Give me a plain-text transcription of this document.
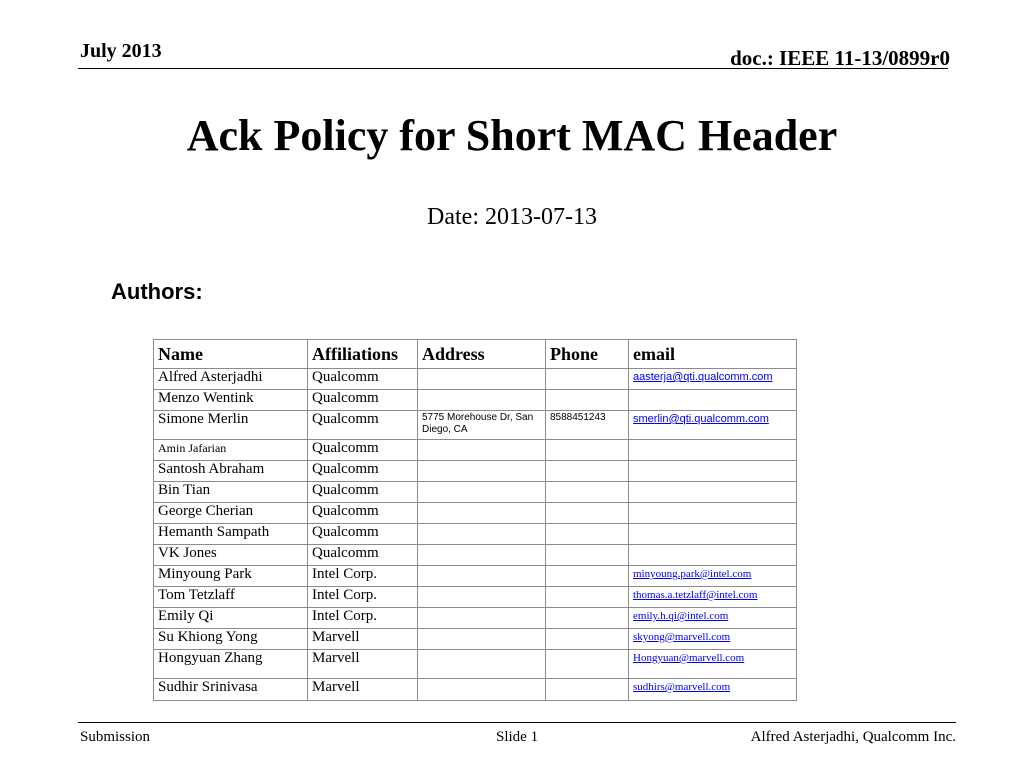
July 2013	doc.: IEEE 11-13/0899r0
Ack Policy for Short MAC Header
Date: 2013-07-13
Authors:
Name	Affiliations	Address	Phone	email
Alfred Asterjadhi	Qualcomm			aasterja@qti.qualcomm.com
Menzo Wentink	Qualcomm			
Simone Merlin	Qualcomm	5775 Morehouse Dr, San Diego, CA	8588451243	smerlin@qti.qualcomm.com
Amin Jafarian	Qualcomm			
Santosh Abraham	Qualcomm			
Bin Tian	Qualcomm			
George Cherian	Qualcomm			
Hemanth Sampath	Qualcomm			
VK Jones	Qualcomm			
Minyoung Park	Intel Corp.			minyoung.park@intel.com
Tom Tetzlaff	Intel Corp.			thomas.a.tetzlaff@intel.com
Emily Qi	Intel Corp.			emily.h.qi@intel.com
Su Khiong Yong	Marvell			skyong@marvell.com
Hongyuan Zhang	Marvell			Hongyuan@marvell.com
Sudhir Srinivasa	Marvell			sudhirs@marvell.com
Submission	Slide 1	Alfred Asterjadhi, Qualcomm Inc.
